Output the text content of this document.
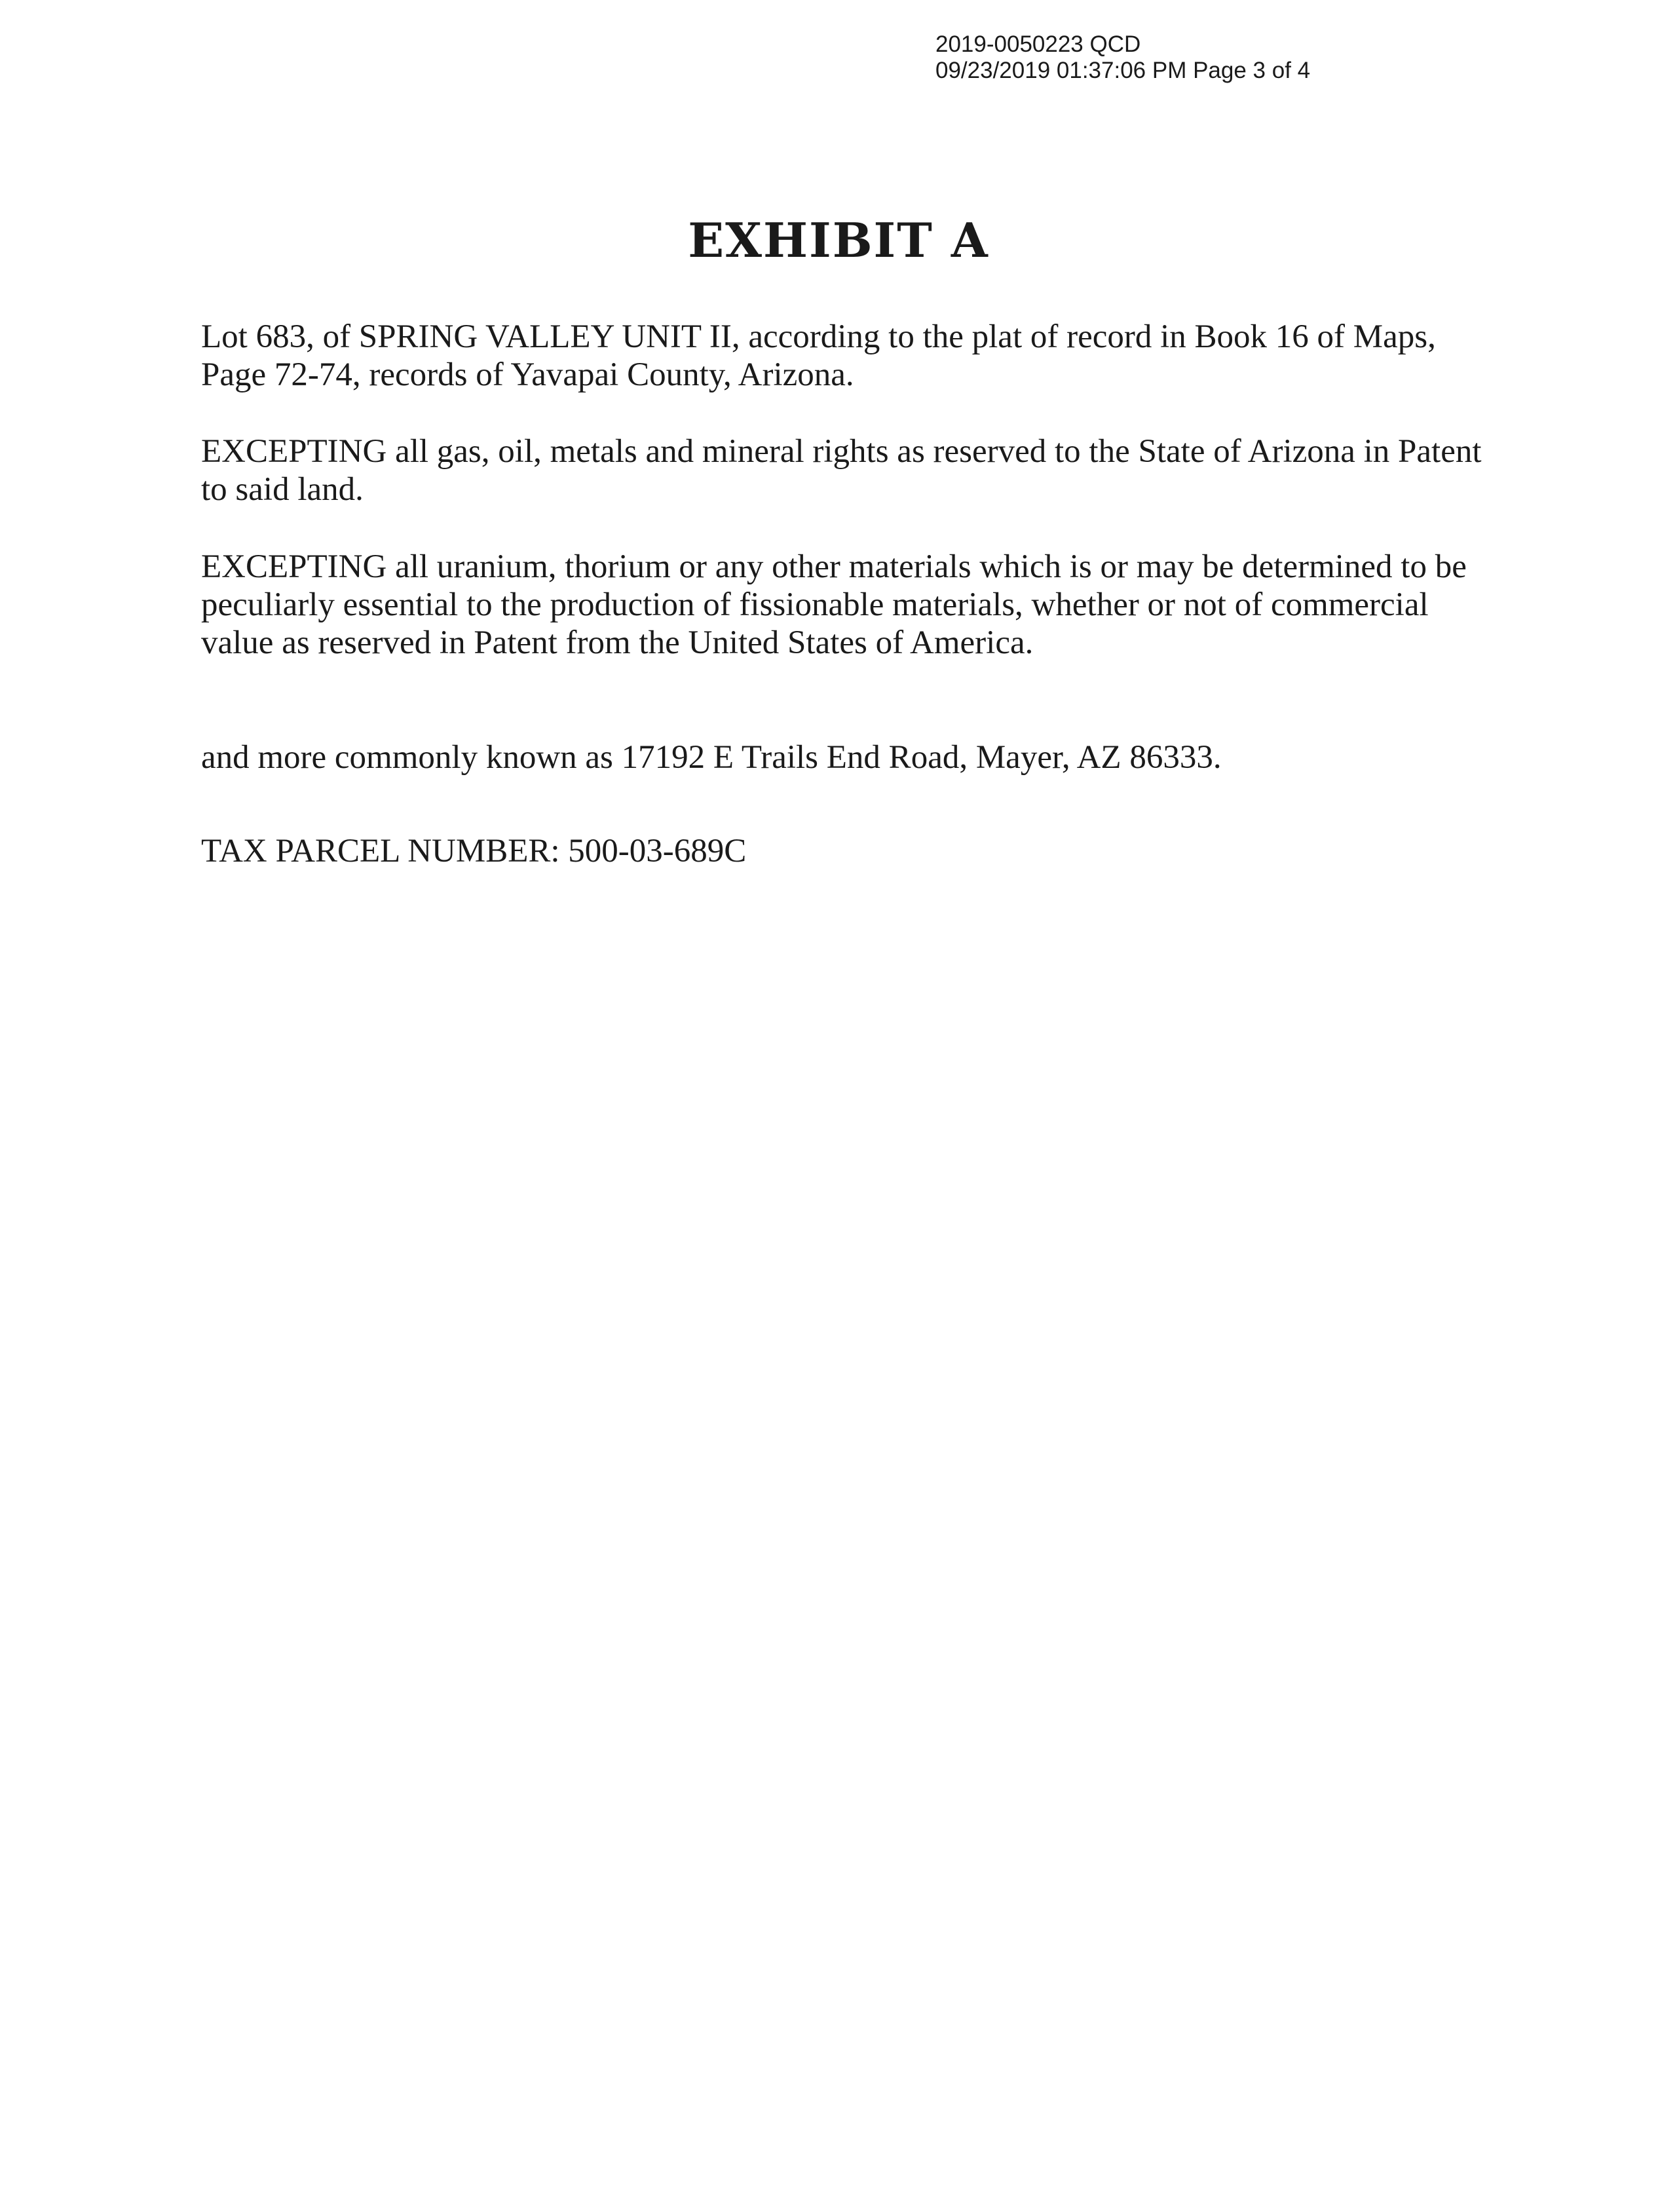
2019-0050223 QCD
09/23/2019 01:37:06 PM Page 3 of 4
EXHIBIT A
Lot 683, of SPRING VALLEY UNIT II, according to the plat of record in Book 16 of Maps,
Page 72-74, records of Yavapai County, Arizona.
EXCEPTING all gas, oil, metals and mineral rights as reserved to the State of Arizona in Patent
to said land.
EXCEPTING all uranium, thorium or any other materials which is or may be determined to be
peculiarly essential to the production of fissionable materials, whether or not of commercial
value as reserved in Patent from the United States of America.
and more commonly known as 17192 E Trails End Road, Mayer, AZ 86333.
TAX PARCEL NUMBER: 500-03-689C
